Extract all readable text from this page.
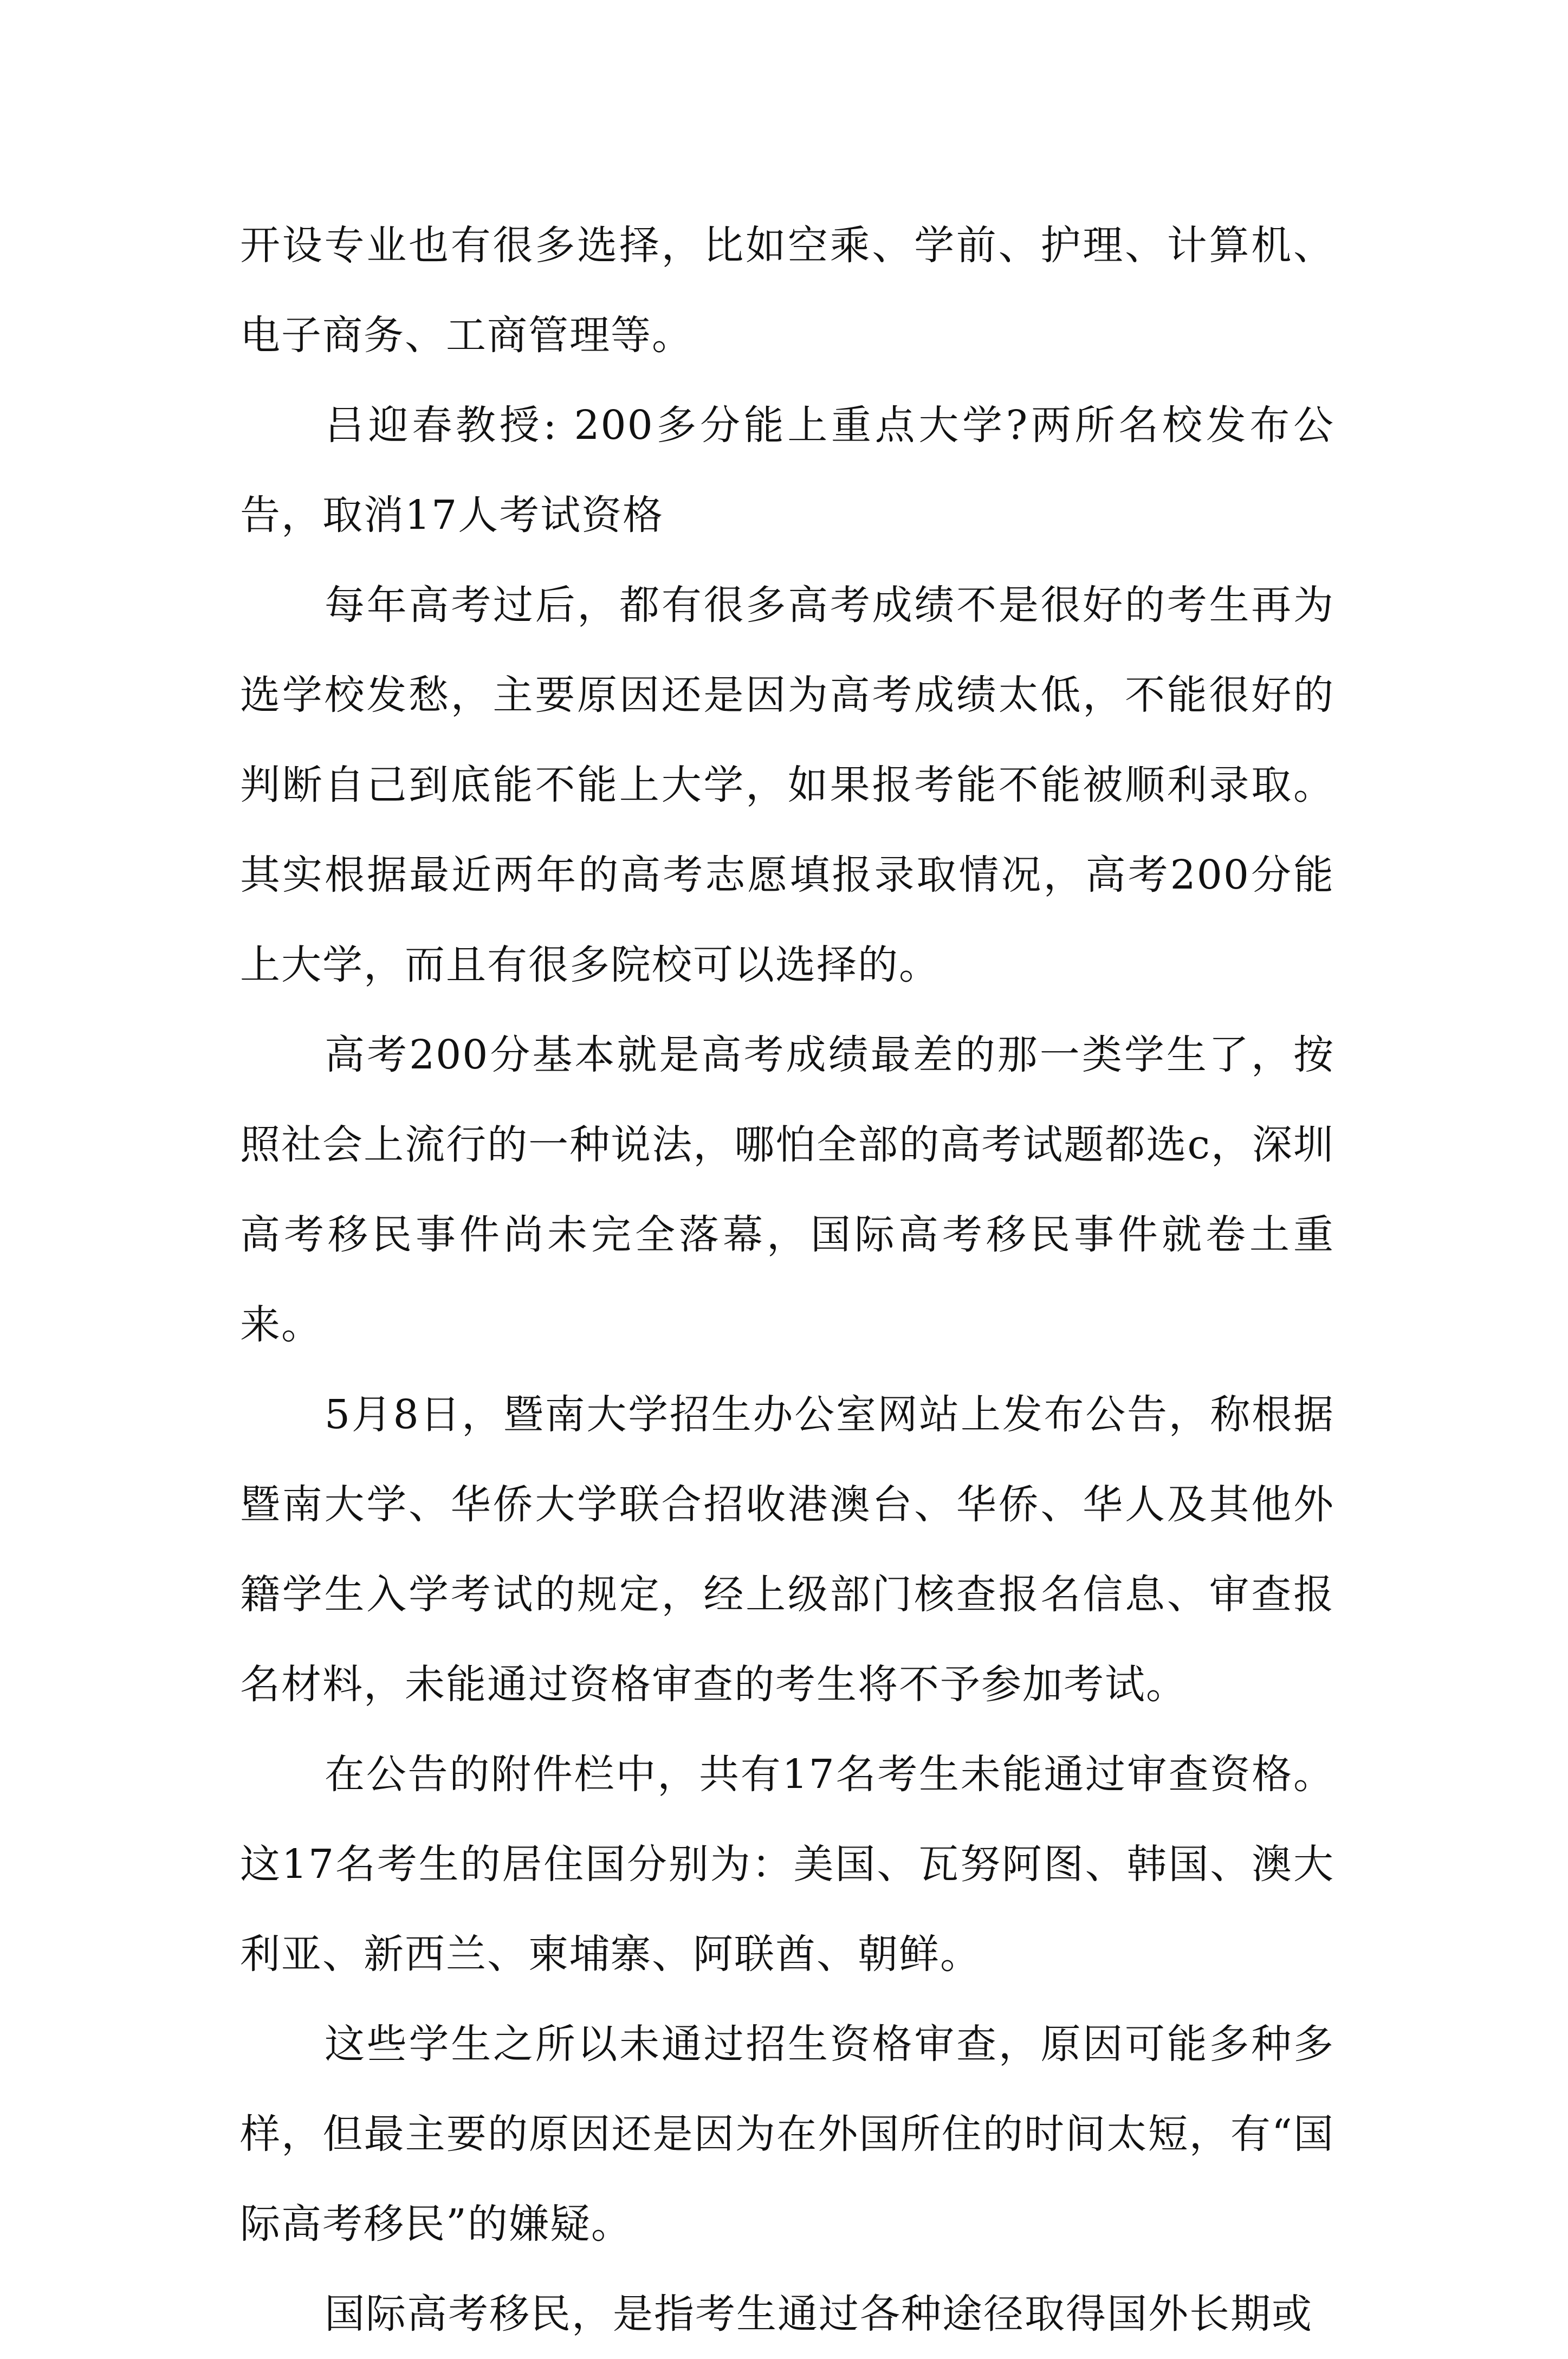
开设专业也有很多选择，比如空乘、学前、护理、计算机、电子商务、工商管理等。

吕迎春教授: 200多分能上重点大学?两所名校发布公告，取消17人考试资格

每年高考过后，都有很多高考成绩不是很好的考生再为选学校发愁，主要原因还是因为高考成绩太低，不能很好的判断自己到底能不能上大学，如果报考能不能被顺利录取。其实根据最近两年的高考志愿填报录取情况，高考200分能上大学，而且有很多院校可以选择的。

高考200分基本就是高考成绩最差的那一类学生了，按照社会上流行的一种说法，哪怕全部的高考试题都选c，深圳高考移民事件尚未完全落幕，国际高考移民事件就卷土重来。

5月8日，暨南大学招生办公室网站上发布公告，称根据暨南大学、华侨大学联合招收港澳台、华侨、华人及其他外籍学生入学考试的规定，经上级部门核查报名信息、审查报名材料，未能通过资格审查的考生将不予参加考试。

在公告的附件栏中，共有17名考生未能通过审查资格。这17名考生的居住国分别为：美国、瓦努阿图、韩国、澳大利亚、新西兰、柬埔寨、阿联酋、朝鲜。

这些学生之所以未通过招生资格审查，原因可能多种多样，但最主要的原因还是因为在外国所住的时间太短，有“国际高考移民”的嫌疑。

国际高考移民，是指考生通过各种途径取得国外长期或
